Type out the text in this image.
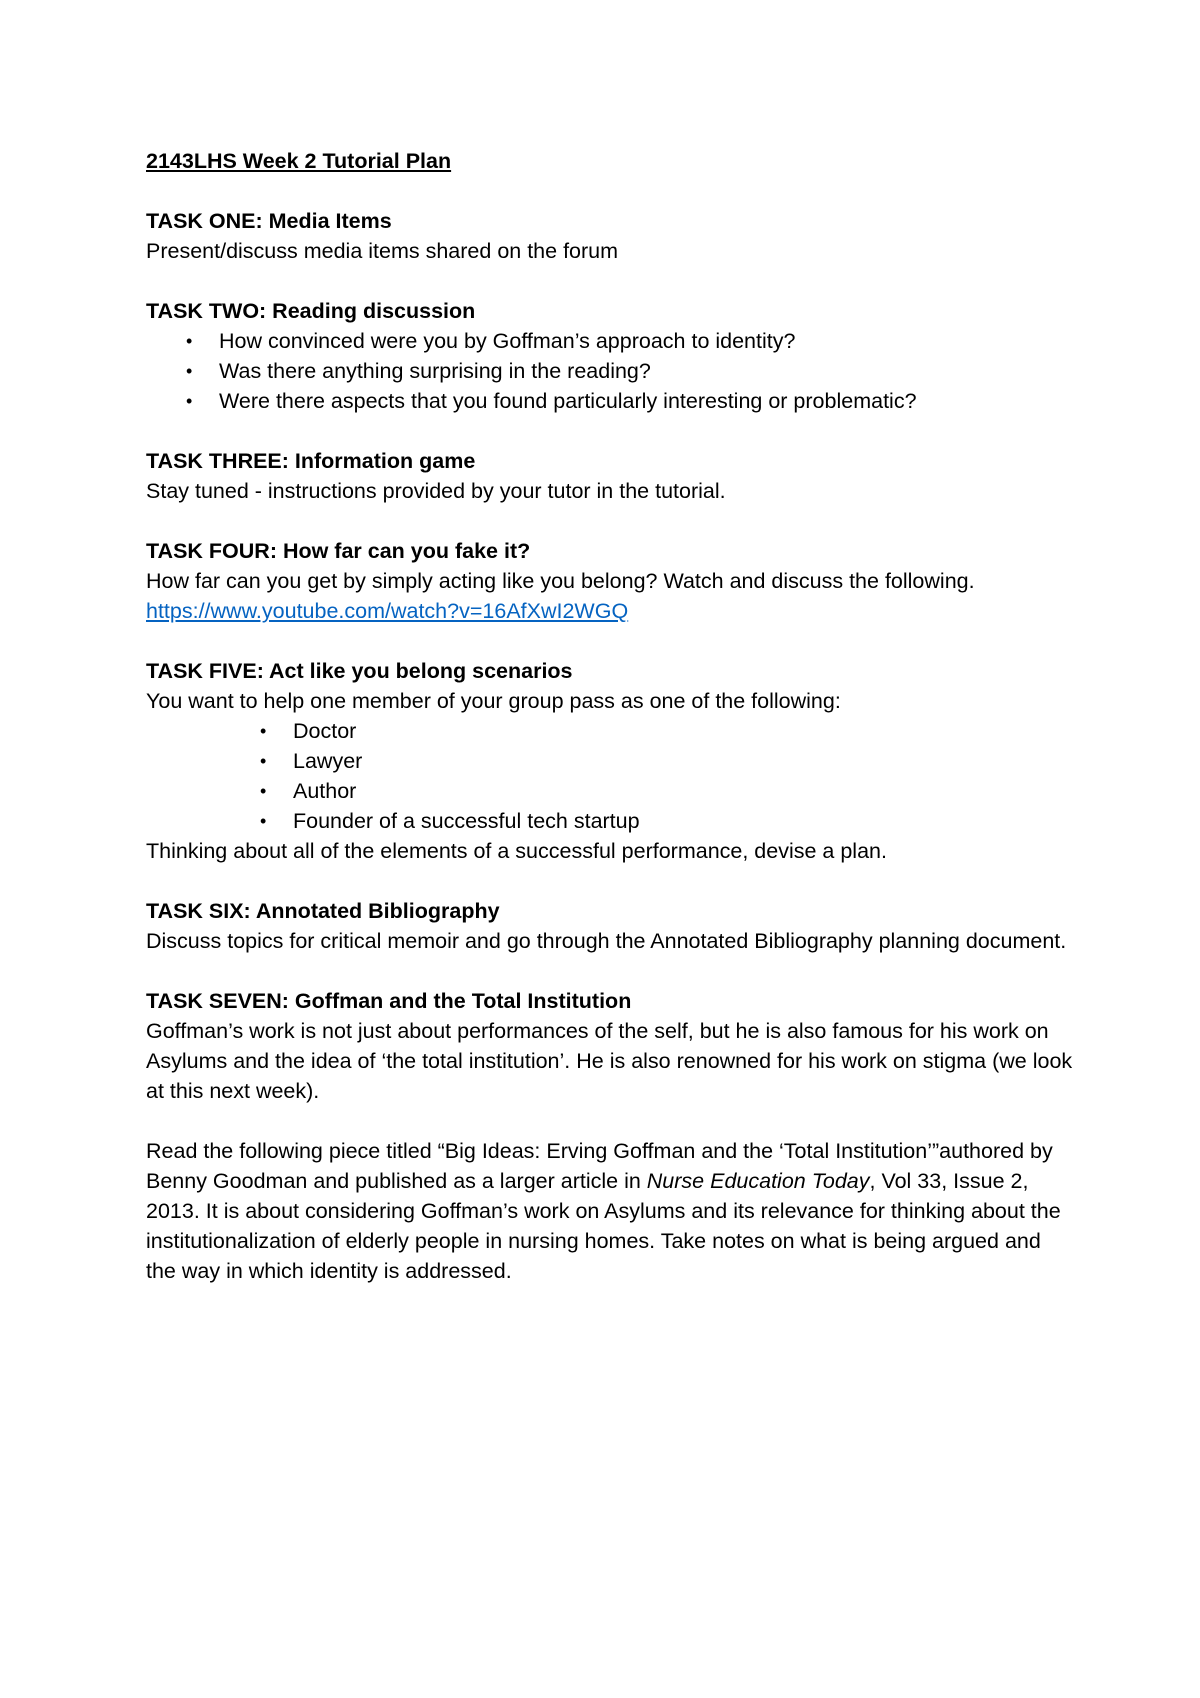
2143LHS Week 2 Tutorial Plan
TASK ONE: Media Items
Present/discuss media items shared on the forum
TASK TWO: Reading discussion
• How convinced were you by Goffman’s approach to identity?
• Was there anything surprising in the reading?
• Were there aspects that you found particularly interesting or problematic?
TASK THREE: Information game
Stay tuned - instructions provided by your tutor in the tutorial.
TASK FOUR: How far can you fake it?
How far can you get by simply acting like you belong? Watch and discuss the following.
https://www.youtube.com/watch?v=16AfXwI2WGQ
TASK FIVE: Act like you belong scenarios
You want to help one member of your group pass as one of the following:
• Doctor
• Lawyer
• Author
• Founder of a successful tech startup
Thinking about all of the elements of a successful performance, devise a plan.
TASK SIX: Annotated Bibliography
Discuss topics for critical memoir and go through the Annotated Bibliography planning document.
TASK SEVEN: Goffman and the Total Institution
Goffman’s work is not just about performances of the self, but he is also famous for his work on Asylums and the idea of ‘the total institution’. He is also renowned for his work on stigma (we look at this next week).
Read the following piece titled “Big Ideas: Erving Goffman and the ‘Total Institution’”authored by Benny Goodman and published as a larger article in Nurse Education Today, Vol 33, Issue 2, 2013. It is about considering Goffman’s work on Asylums and its relevance for thinking about the institutionalization of elderly people in nursing homes. Take notes on what is being argued and the way in which identity is addressed.
